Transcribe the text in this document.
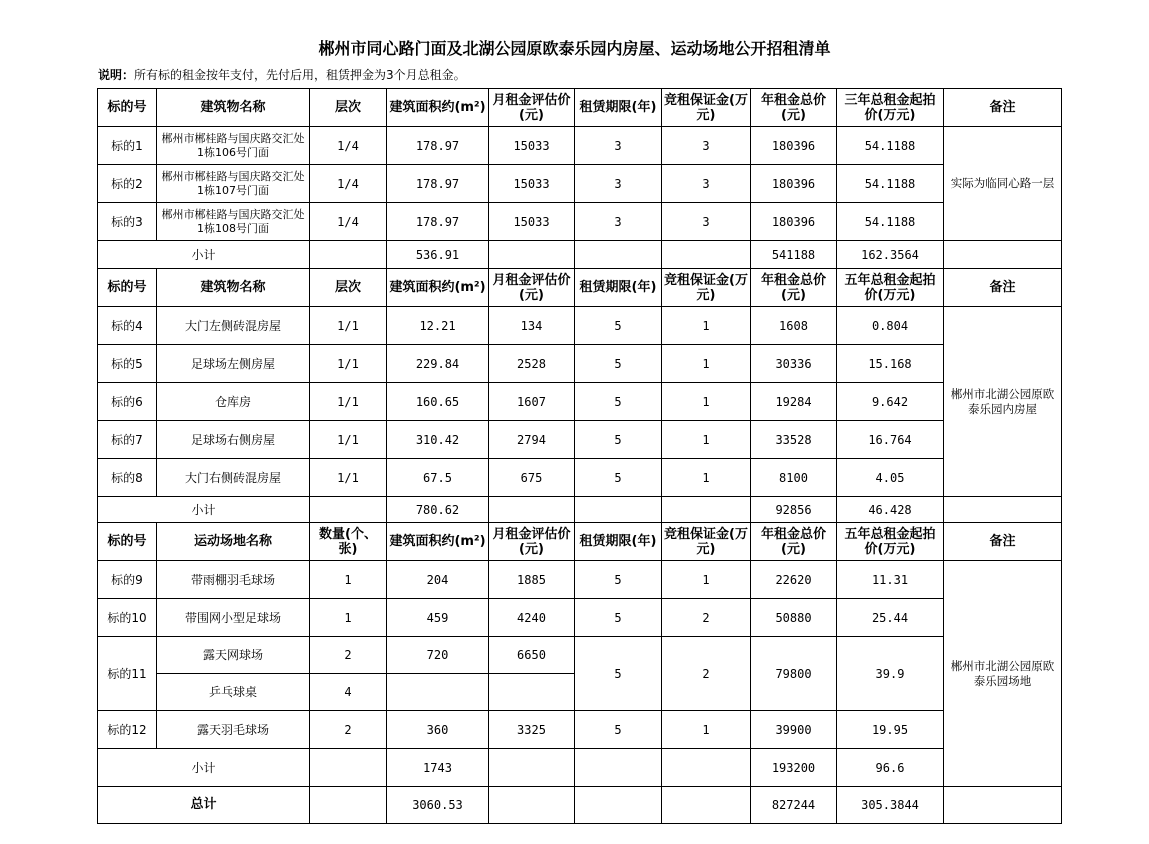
郴州市同心路门面及北湖公园原欧泰乐园内房屋、运动场地公开招租清单
说明：所有标的租金按年支付，先付后用，租赁押金为3个月总租金。
标的号	建筑物名称	层次	建筑面积约(m²)	月租金评估价(元)	租赁期限(年)	竞租保证金(万元)	年租金总价(元)	三年总租金起拍价(万元)	备注
标的1	郴州市郴桂路与国庆路交汇处1栋106号门面	1/4	178.97	15033	3	3	180396	54.1188	实际为临同心路一层
标的2	郴州市郴桂路与国庆路交汇处1栋107号门面	1/4	178.97	15033	3	3	180396	54.1188	
标的3	郴州市郴桂路与国庆路交汇处1栋108号门面	1/4	178.97	15033	3	3	180396	54.1188	
小计			536.91				541188	162.3564	
标的号	建筑物名称	层次	建筑面积约(m²)	月租金评估价(元)	租赁期限(年)	竞租保证金(万元)	年租金总价(元)	五年总租金起拍价(万元)	备注
标的4	大门左侧砖混房屋	1/1	12.21	134	5	1	1608	0.804	郴州市北湖公园原欧泰乐园内房屋
标的5	足球场左侧房屋	1/1	229.84	2528	5	1	30336	15.168	
标的6	仓库房	1/1	160.65	1607	5	1	19284	9.642	
标的7	足球场右侧房屋	1/1	310.42	2794	5	1	33528	16.764	
标的8	大门右侧砖混房屋	1/1	67.5	675	5	1	8100	4.05	
小计			780.62				92856	46.428	
标的号	运动场地名称	数量(个、张)	建筑面积约(m²)	月租金评估价(元)	租赁期限(年)	竞租保证金(万元)	年租金总价(元)	五年总租金起拍价(万元)	备注
标的9	带雨棚羽毛球场	1	204	1885	5	1	22620	11.31	郴州市北湖公园原欧泰乐园场地
标的10	带围网小型足球场	1	459	4240	5	2	50880	25.44	
标的11	露天网球场	2	720	6650	5	2	79800	39.9	
	乒乓球桌	4							
标的12	露天羽毛球场	2	360	3325	5	1	39900	19.95	
小计			1743				193200	96.6	
总计			3060.53				827244	305.3844	
